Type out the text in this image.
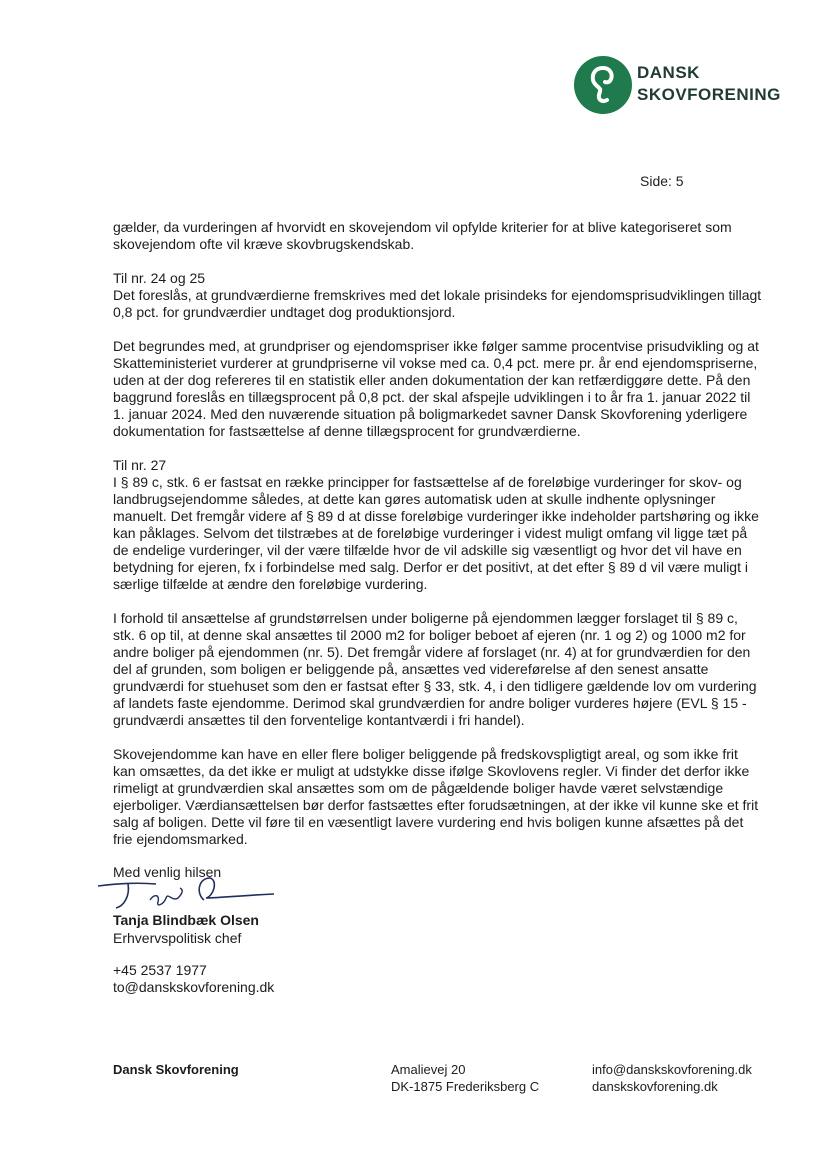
DANSK
SKOVFORENING
Side: 5

gælder, da vurderingen af hvorvidt en skovejendom vil opfylde kriterier for at blive kategoriseret som skovejendom ofte vil kræve skovbrugskendskab.

Til nr. 24 og 25

Det foreslås, at grundværdierne fremskrives med det lokale prisindeks for ejendomsprisudviklingen tillagt 0,8 pct. for grundværdier undtaget dog produktionsjord.

Det begrundes med, at grundpriser og ejendomspriser ikke følger samme procentvise prisudvikling og at Skatteministeriet vurderer at grundpriserne vil vokse med ca. 0,4 pct. mere pr. år end ejendomspriserne, uden at der dog refereres til en statistik eller anden dokumentation der kan retfærdiggøre dette. På den baggrund foreslås en tillægsprocent på 0,8 pct. der skal afspejle udviklingen i to år fra 1. januar 2022 til 1. januar 2024. Med den nuværende situation på boligmarkedet savner Dansk Skovforening yderligere dokumentation for fastsættelse af denne tillægsprocent for grundværdierne.

Til nr. 27

I § 89 c, stk. 6 er fastsat en række principper for fastsættelse af de foreløbige vurderinger for skov- og landbrugsejendomme således, at dette kan gøres automatisk uden at skulle indhente oplysninger manuelt. Det fremgår videre af § 89 d at disse foreløbige vurderinger ikke indeholder partshøring og ikke kan påklages. Selvom det tilstræbes at de foreløbige vurderinger i videst muligt omfang vil ligge tæt på de endelige vurderinger, vil der være tilfælde hvor de vil adskille sig væsentligt og hvor det vil have en betydning for ejeren, fx i forbindelse med salg. Derfor er det positivt, at det efter § 89 d vil være muligt i særlige tilfælde at ændre den foreløbige vurdering.

I forhold til ansættelse af grundstørrelsen under boligerne på ejendommen lægger forslaget til § 89 c, stk. 6 op til, at denne skal ansættes til 2000 m2 for boliger beboet af ejeren (nr. 1 og 2) og 1000 m2 for andre boliger på ejendommen (nr. 5). Det fremgår videre af forslaget (nr. 4) at for grundværdien for den del af grunden, som boligen er beliggende på, ansættes ved videreførelse af den senest ansatte grundværdi for stuehuset som den er fastsat efter § 33, stk. 4, i den tidligere gældende lov om vurdering af landets faste ejendomme. Derimod skal grundværdien for andre boliger vurderes højere (EVL § 15 - grundværdi ansættes til den forventelige kontantværdi i fri handel).

Skovejendomme kan have en eller flere boliger beliggende på fredskovspligtigt areal, og som ikke frit kan omsættes, da det ikke er muligt at udstykke disse ifølge Skovlovens regler. Vi finder det derfor ikke rimeligt at grundværdien skal ansættes som om de pågældende boliger havde været selvstændige ejerboliger. Værdiansættelsen bør derfor fastsættes efter forudsætningen, at der ikke vil kunne ske et frit salg af boligen. Dette vil føre til en væsentligt lavere vurdering end hvis boligen kunne afsættes på det frie ejendomsmarked.

Med venlig hilsen
Tanja Blindbæk Olsen
Erhvervspolitisk chef
+45 2537 1977
to@danskskovforening.dk
Dansk Skovforening	Amalievej 20
DK-1875 Frederiksberg C
info@danskskovforening.dk
danskskovforening.dk
